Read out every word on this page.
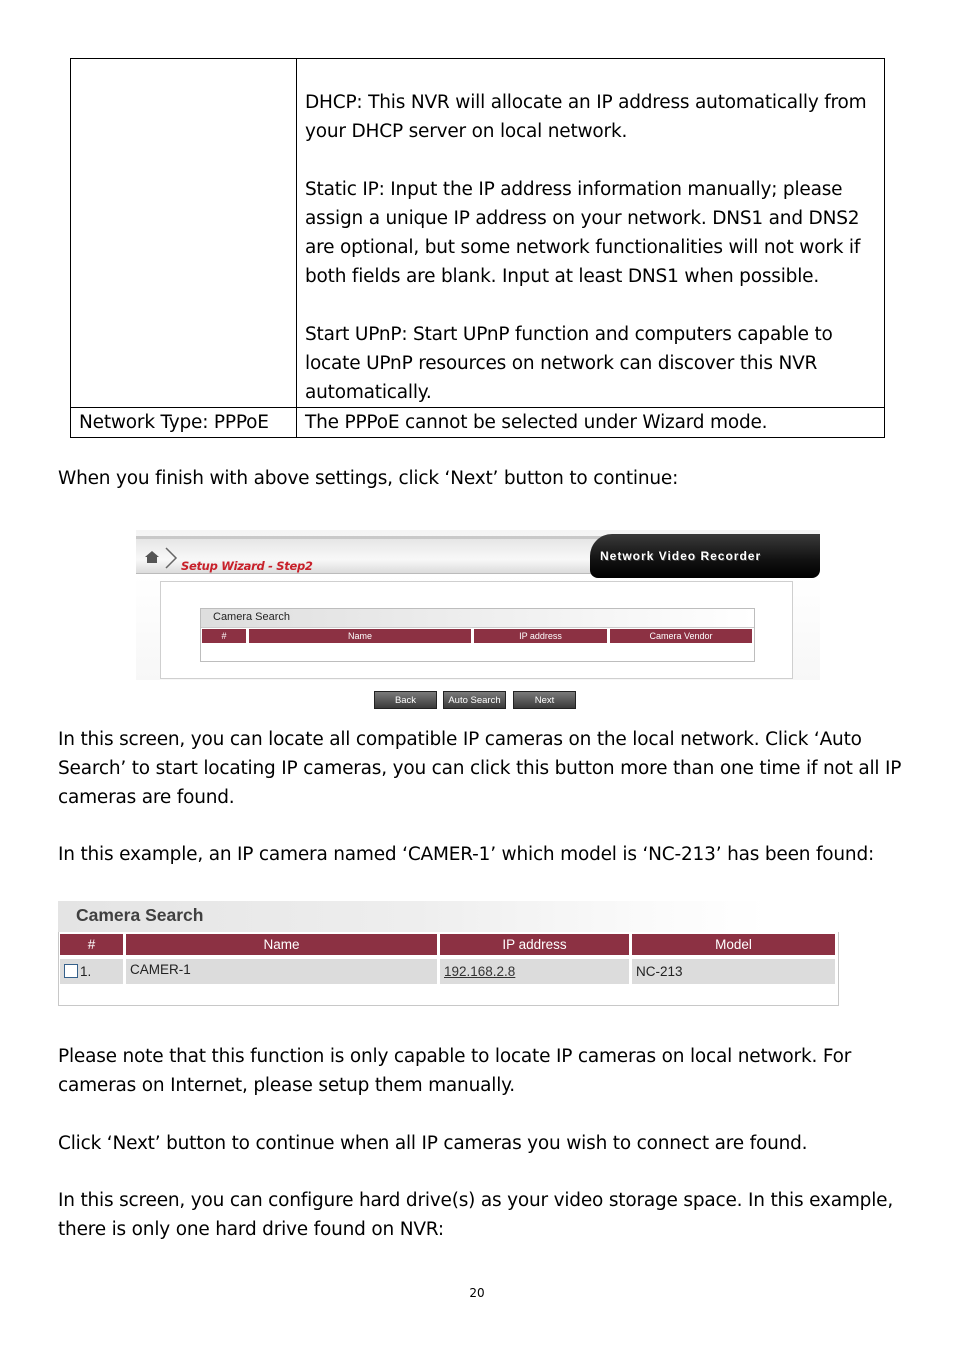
	DHCP: This NVR will allocate an IP address automatically from your DHCP server on local network.

Static IP: Input the IP address information manually; please assign a unique IP address on your network. DNS1 and DNS2 are optional, but some network functionalities will not work if both fields are blank. Input at least DNS1 when possible.

Start UPnP: Start UPnP function and computers capable to locate UPnP resources on network can discover this NVR automatically.

Network Type: PPPoE	The PPPoE cannot be selected under Wizard mode.

When you finish with above settings, click ‘Next’ button to continue:

Setup Wizard - Step2
Network Video Recorder
Camera Search
#	Name	IP address	Camera Vendor
Back	Auto Search	Next

In this screen, you can locate all compatible IP cameras on the local network. Click ‘Auto Search’ to start locating IP cameras, you can click this button more than one time if not all IP cameras are found.

In this example, an IP camera named ‘CAMER-1’ which model is ‘NC-213’ has been found:

Camera Search
#	Name	IP address	Model
1.	CAMER-1	192.168.2.8	NC-213

Please note that this function is only capable to locate IP cameras on local network. For cameras on Internet, please setup them manually.

Click ‘Next’ button to continue when all IP cameras you wish to connect are found.

In this screen, you can configure hard drive(s) as your video storage space. In this example, there is only one hard drive found on NVR:

20
